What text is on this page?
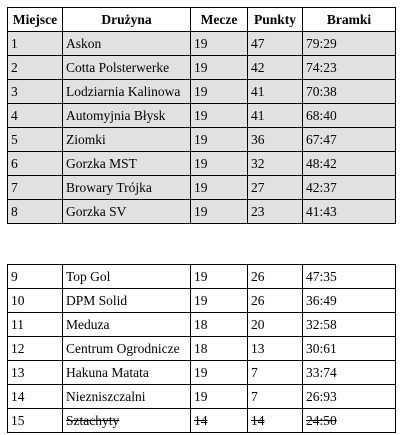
Miejsce	Drużyna	Mecze	Punkty	Bramki
1	Askon	19	47	79:29
2	Cotta Polsterwerke	19	42	74:23
3	Lodziarnia Kalinowa	19	41	70:38
4	Automyjnia Błysk	19	41	68:40
5	Ziomki	19	36	67:47
6	Gorzka MST	19	32	48:42
7	Browary Trójka	19	27	42:37
8	Gorzka SV	19	23	41:43
9	Top Gol	19	26	47:35
10	DPM Solid	19	26	36:49
11	Meduza	18	20	32:58
12	Centrum Ogrodnicze	18	13	30:61
13	Hakuna Matata	19	7	33:74
14	Niezniszczalni	19	7	26:93
15	Sztachyty	14	14	24:50
